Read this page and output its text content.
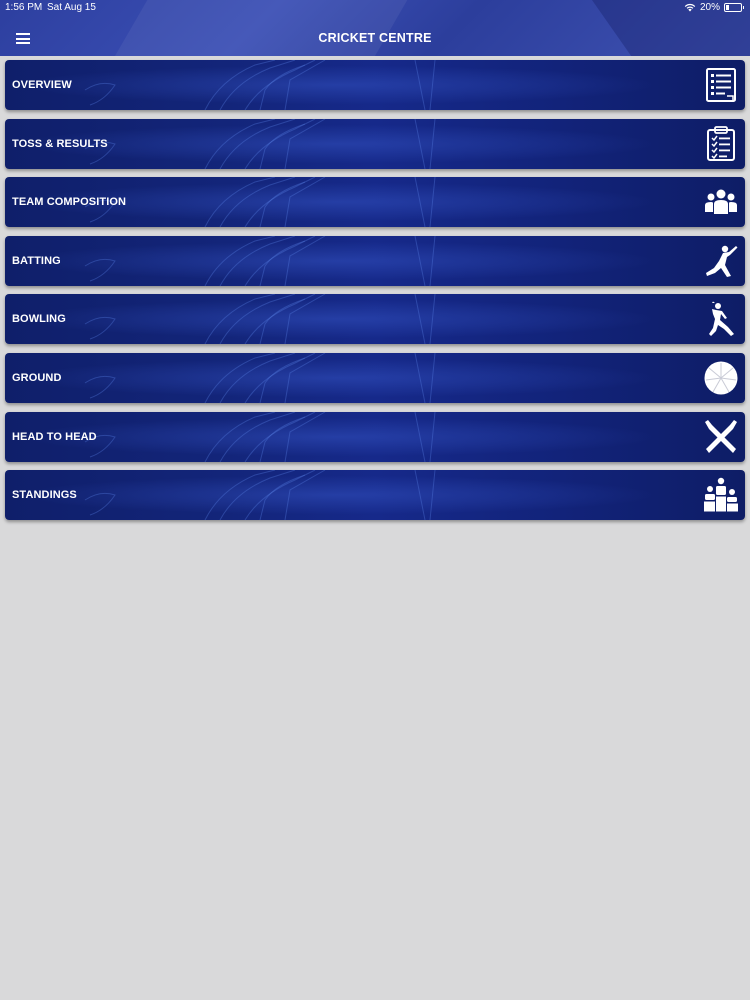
1:56 PM Sat Aug 15	20%
CRICKET CENTRE
OVERVIEW
TOSS & RESULTS
TEAM COMPOSITION
BATTING
BOWLING
GROUND
HEAD TO HEAD
STANDINGS
